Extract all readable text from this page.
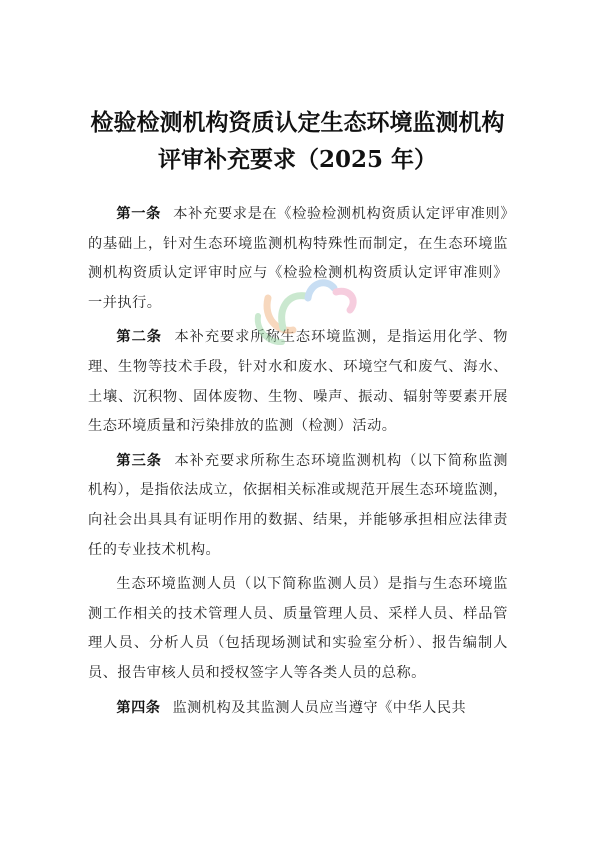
检验检测机构资质认定生态环境监测机构
评审补充要求（2025 年）

第一条 本补充要求是在《检验检测机构资质认定评审准则》的基础上，针对生态环境监测机构特殊性而制定，在生态环境监测机构资质认定评审时应与《检验检测机构资质认定评审准则》一并执行。

第二条 本补充要求所称生态环境监测，是指运用化学、物理、生物等技术手段，针对水和废水、环境空气和废气、海水、土壤、沉积物、固体废物、生物、噪声、振动、辐射等要素开展生态环境质量和污染排放的监测（检测）活动。

第三条 本补充要求所称生态环境监测机构（以下简称监测机构），是指依法成立，依据相关标准或规范开展生态环境监测，向社会出具具有证明作用的数据、结果，并能够承担相应法律责任的专业技术机构。

生态环境监测人员（以下简称监测人员）是指与生态环境监测工作相关的技术管理人员、质量管理人员、采样人员、样品管理人员、分析人员（包括现场测试和实验室分析）、报告编制人员、报告审核人员和授权签字人等各类人员的总称。

第四条 监测机构及其监测人员应当遵守《中华人民共
